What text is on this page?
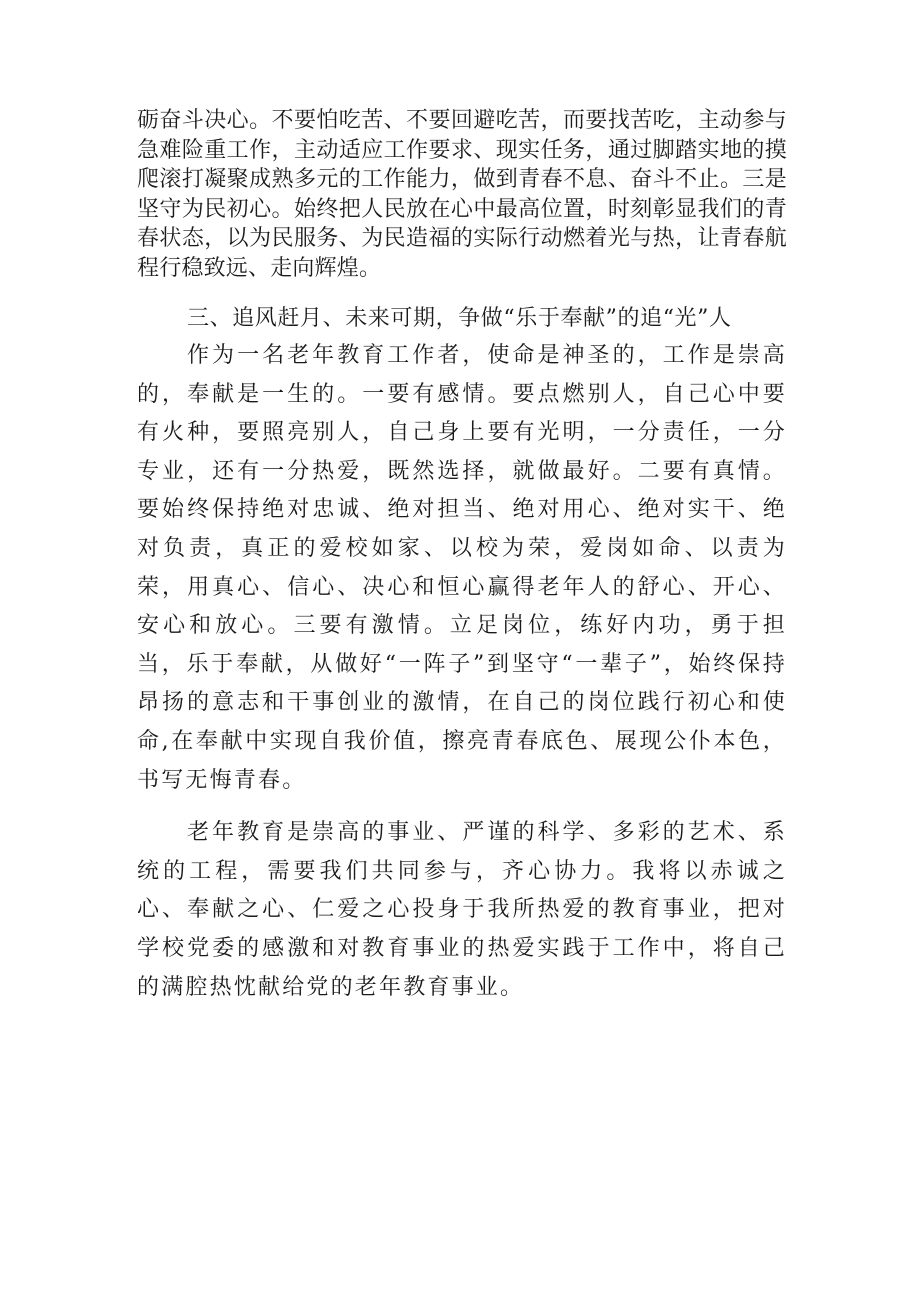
砺奋斗决心。不要怕吃苦、不要回避吃苦，而要找苦吃，主动参与急难险重工作，主动适应工作要求、现实任务，通过脚踏实地的摸爬滚打凝聚成熟多元的工作能力，做到青春不息、奋斗不止。三是坚守为民初心。始终把人民放在心中最高位置，时刻彰显我们的青春状态，以为民服务、为民造福的实际行动燃着光与热，让青春航程行稳致远、走向辉煌。

三、追风赶月、未来可期，争做“乐于奉献”的追“光”人

作为一名老年教育工作者，使命是神圣的，工作是崇高的，奉献是一生的。一要有感情。要点燃别人，自己心中要有火种，要照亮别人，自己身上要有光明，一分责任，一分专业，还有一分热爱，既然选择，就做最好。二要有真情。要始终保持绝对忠诚、绝对担当、绝对用心、绝对实干、绝对负责，真正的爱校如家、以校为荣，爱岗如命、以责为荣，用真心、信心、决心和恒心赢得老年人的舒心、开心、安心和放心。三要有激情。立足岗位，练好内功，勇于担当，乐于奉献，从做好“一阵子”到坚守“一辈子”，始终保持昂扬的意志和干事创业的激情，在自己的岗位践行初心和使命,在奉献中实现自我价值，擦亮青春底色、展现公仆本色，书写无悔青春。

老年教育是崇高的事业、严谨的科学、多彩的艺术、系统的工程，需要我们共同参与，齐心协力。我将以赤诚之心、奉献之心、仁爱之心投身于我所热爱的教育事业，把对学校党委的感激和对教育事业的热爱实践于工作中，将自己的满腔热忱献给党的老年教育事业。
